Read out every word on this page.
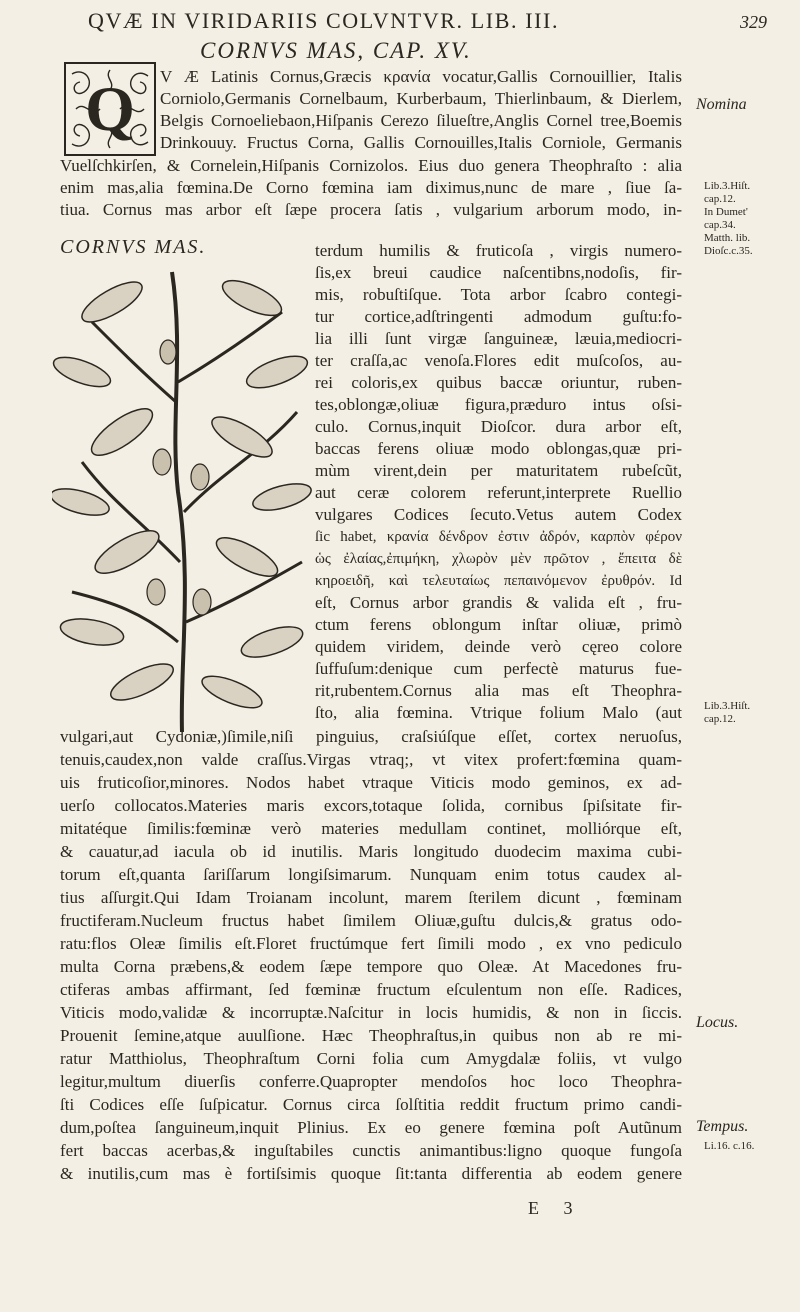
QVÆ IN VIRIDARIIS COLVNTVR. LIB. III.	329
CORNVS MAS, CAP. XV.
Q	V Æ Latinis Cornus,Græcis κρανία vocatur,Gallis Cornouillier, Italis
Corniolo,Germanis Cornelbaum, Kurberbaum, Thierlinbaum, & Dierlem,
Belgis Cornoeliebaon,Hiſpanis Cerezo ſilueſtre,Anglis Cornel tree,Boemis
Drinkouuy. Fructus Corna, Gallis Cornouilles,Italis Corniole, Germanis
Vuelſchkirſen, & Cornelein,Hiſpanis Cornizolos. Eius duo genera Theophraſto : alia
enim mas,alia fœmina.De Corno fœmina iam diximus,nunc de mare , ſiue ſa-
tiua. Cornus mas arbor eſt ſæpe procera ſatis , vulgarium arborum modo, in-
CORNVS MAS.	terdum humilis & fruticoſa , virgis numero-
ſis,ex breui caudice naſcentibns,nodoſis, fir-
mis, robuſtiſque. Tota arbor ſcabro contegi-
tur cortice,adſtringenti admodum guſtu:fo-
lia illi ſunt virgæ ſanguineæ, læuia,mediocri-
ter craſſa,ac venoſa.Flores edit muſcoſos, au-
rei coloris,ex quibus baccæ oriuntur, ruben-
tes,oblongæ,oliuæ figura,præduro intus oſsi-
culo. Cornus,inquit Dioſcor. dura arbor eſt,
baccas ferens oliuæ modo oblongas,quæ pri-
mùm virent,dein per maturitatem rubeſcũt,
aut ceræ colorem referunt,interprete Ruellio
vulgares Codices ſecuto.Vetus autem Codex
ſic habet, κρανία δένδρον ἐστιν ἀδρόν, καρπὸν φέρον
ὡς ἐλαίας,ἐπιμήκη, χλωρὸν μὲν πρῶτον , ἔπειτα δὲ
κηροειδῆ, καὶ τελευταίως πεπαινόμενον ἐρυθρόν. Id
eſt, Cornus arbor grandis & valida eſt , fru-
ctum ferens oblongum inſtar oliuæ, primò
quidem viridem, deinde verò cęreo colore
ſuffuſum:denique cum perfectè maturus fue-
rit,rubentem.Cornus alia mas eſt Theophra-
ſto, alia fœmina. Vtrique folium Malo (aut
vulgari,aut Cydoniæ,)ſimile,niſi pinguius, craſsiúſque eſſet, cortex neruoſus,
tenuis,caudex,non valde craſſus.Virgas vtraq;, vt vitex profert:fœmina quam-
uis fruticoſior,minores. Nodos habet vtraque Viticis modo geminos, ex ad-
uerſo collocatos.Materies maris excors,totaque ſolida, cornibus ſpiſsitate fir-
mitatéque ſimilis:fœminæ verò materies medullam continet, molliórque eſt,
& cauatur,ad iacula ob id inutilis. Maris longitudo duodecim maxima cubi-
torum eſt,quanta ſariſſarum longiſsimarum. Nunquam enim totus caudex al-
tius aſſurgit.Qui Idam Troianam incolunt, marem ſterilem dicunt , fœminam
fructiferam.Nucleum fructus habet ſimilem Oliuæ,guſtu dulcis,& gratus odo-
ratu:flos Oleæ ſimilis eſt.Floret fructúmque fert ſimili modo , ex vno pediculo
multa Corna præbens,& eodem ſæpe tempore quo Oleæ. At Macedones fru-
ctiferas ambas affirmant, ſed fœminæ fructum eſculentum non eſſe. Radices,
Viticis modo,validæ & incorruptæ.Naſcitur in locis humidis, & non in ſiccis.
Prouenit ſemine,atque auulſione. Hæc Theophraſtus,in quibus non ab re mi-
ratur Matthiolus, Theophraſtum Corni folia cum Amygdalæ foliis, vt vulgo
legitur,multum diuerſis conferre.Quapropter mendoſos hoc loco Theophra-
ſti Codices eſſe ſuſpicatur. Cornus circa ſolſtitia reddit fructum primo candi-
dum,poſtea ſanguineum,inquit Plinius. Ex eo genere fœmina poſt Autũnum
fert baccas acerbas,& inguſtabiles cunctis animantibus:ligno quoque fungoſa
& inutilis,cum mas è fortiſsimis quoque ſit:tanta differentia ab eodem genere
Nomina
Lib.3.Hiſt.
cap.12.
In Dumet'
cap.34.
Matth. lib.
Dioſc.c.35.
Lib.3.Hiſt.
cap.12.
Locus.
Tempus.
Li.16. c.16.
E 3
